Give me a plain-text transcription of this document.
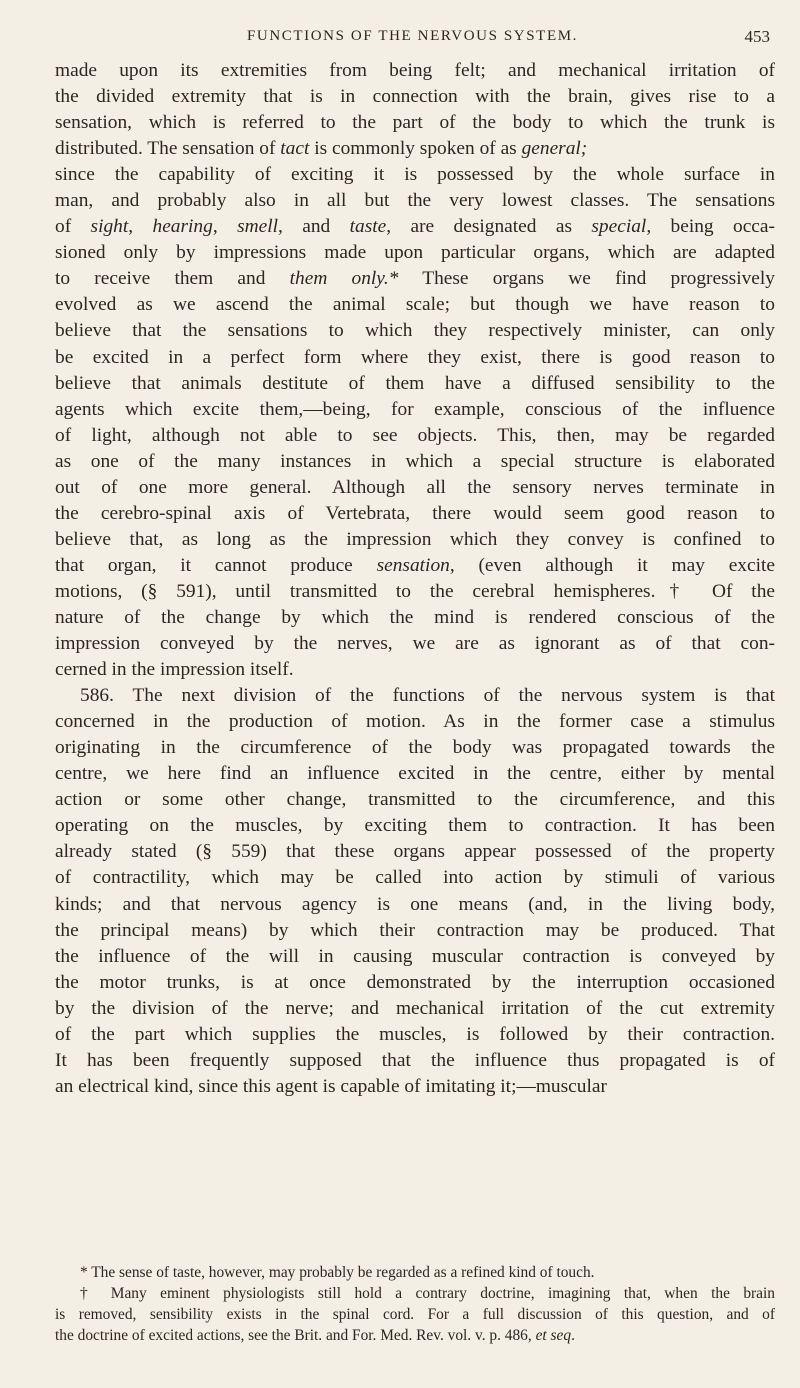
FUNCTIONS OF THE NERVOUS SYSTEM.	453
made upon its extremities from being felt; and mechanical irritation of
the divided extremity that is in connection with the brain, gives rise to a
sensation, which is referred to the part of the body to which the trunk is
distributed. The sensation of tact is commonly spoken of as general;
since the capability of exciting it is possessed by the whole surface in
man, and probably also in all but the very lowest classes. The sensations
of sight, hearing, smell, and taste, are designated as special, being occa-
sioned only by impressions made upon particular organs, which are adapted
to receive them and them only.* These organs we find progressively
evolved as we ascend the animal scale; but though we have reason to
believe that the sensations to which they respectively minister, can only
be excited in a perfect form where they exist, there is good reason to
believe that animals destitute of them have a diffused sensibility to the
agents which excite them,—being, for example, conscious of the influence
of light, although not able to see objects. This, then, may be regarded
as one of the many instances in which a special structure is elaborated
out of one more general. Although all the sensory nerves terminate in
the cerebro-spinal axis of Vertebrata, there would seem good reason to
believe that, as long as the impression which they convey is confined to
that organ, it cannot produce sensation, (even although it may excite
motions, (§ 591), until transmitted to the cerebral hemispheres.† Of the
nature of the change by which the mind is rendered conscious of the
impression conveyed by the nerves, we are as ignorant as of that con-
cerned in the impression itself.
586. The next division of the functions of the nervous system is that
concerned in the production of motion. As in the former case a stimulus
originating in the circumference of the body was propagated towards the
centre, we here find an influence excited in the centre, either by mental
action or some other change, transmitted to the circumference, and this
operating on the muscles, by exciting them to contraction. It has been
already stated (§ 559) that these organs appear possessed of the property
of contractility, which may be called into action by stimuli of various
kinds; and that nervous agency is one means (and, in the living body,
the principal means) by which their contraction may be produced. That
the influence of the will in causing muscular contraction is conveyed by
the motor trunks, is at once demonstrated by the interruption occasioned
by the division of the nerve; and mechanical irritation of the cut extremity
of the part which supplies the muscles, is followed by their contraction.
It has been frequently supposed that the influence thus propagated is of
an electrical kind, since this agent is capable of imitating it;—muscular
* The sense of taste, however, may probably be regarded as a refined kind of touch.
† Many eminent physiologists still hold a contrary doctrine, imagining that, when the brain
is removed, sensibility exists in the spinal cord. For a full discussion of this question, and of
the doctrine of excited actions, see the Brit. and For. Med. Rev. vol. v. p. 486, et seq.
